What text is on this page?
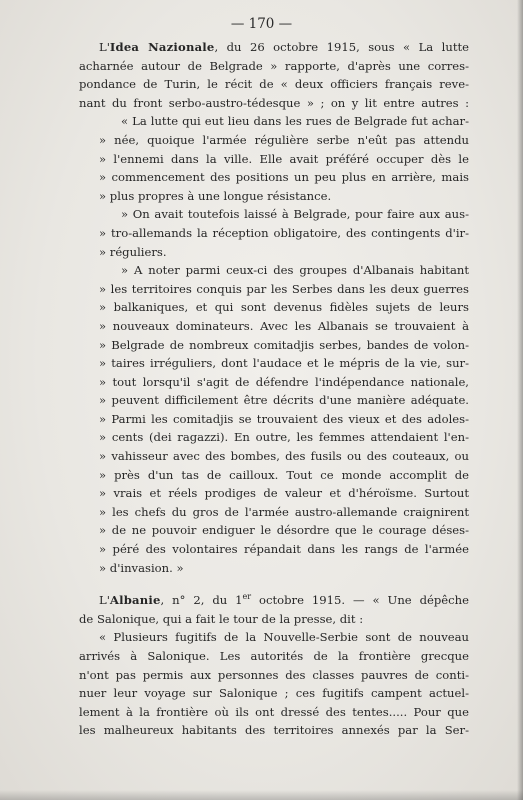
— 170 —
L'Idea Nazionale, du 26 octobre 1915, sous « La lutte
acharnée autour de Belgrade » rapporte, d'après une corres-
pondance de Turin, le récit de « deux officiers français reve-
nant du front serbo-austro-tédesque » ; on y lit entre autres :
« La lutte qui eut lieu dans les rues de Belgrade fut achar-
» née, quoique l'armée régulière serbe n'eût pas attendu
» l'ennemi dans la ville. Elle avait préféré occuper dès le
» commencement des positions un peu plus en arrière, mais
» plus propres à une longue résistance.
» On avait toutefois laissé à Belgrade, pour faire aux aus-
» tro-allemands la réception obligatoire, des contingents d'ir-
» réguliers.
» A noter parmi ceux-ci des groupes d'Albanais habitant
» les territoires conquis par les Serbes dans les deux guerres
» balkaniques, et qui sont devenus fidèles sujets de leurs
» nouveaux dominateurs. Avec les Albanais se trouvaient à
» Belgrade de nombreux comitadjis serbes, bandes de volon-
» taires irréguliers, dont l'audace et le mépris de la vie, sur-
» tout lorsqu'il s'agit de défendre l'indépendance nationale,
» peuvent difficilement être décrits d'une manière adéquate.
» Parmi les comitadjis se trouvaient des vieux et des adoles-
» cents (dei ragazzi). En outre, les femmes attendaient l'en-
» vahisseur avec des bombes, des fusils ou des couteaux, ou
» près d'un tas de cailloux. Tout ce monde accomplit de
» vrais et réels prodiges de valeur et d'héroïsme. Surtout
» les chefs du gros de l'armée austro-allemande craignirent
» de ne pouvoir endiguer le désordre que le courage déses-
» péré des volontaires répandait dans les rangs de l'armée
» d'invasion. »
L'Albanie, n° 2, du 1er octobre 1915. — « Une dépêche
de Salonique, qui a fait le tour de la presse, dit :
« Plusieurs fugitifs de la Nouvelle-Serbie sont de nouveau
arrivés à Salonique. Les autorités de la frontière grecque
n'ont pas permis aux personnes des classes pauvres de conti-
nuer leur voyage sur Salonique ; ces fugitifs campent actuel-
lement à la frontière où ils ont dressé des tentes..... Pour que
les malheureux habitants des territoires annexés par la Ser-
